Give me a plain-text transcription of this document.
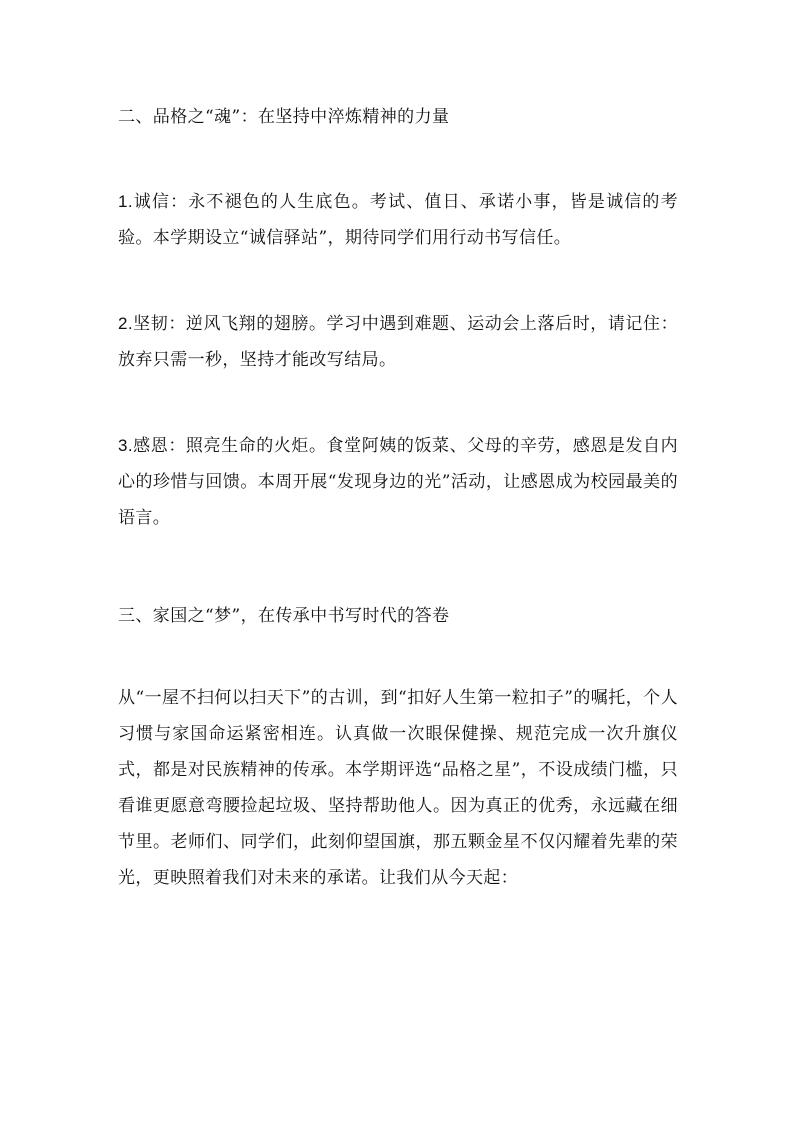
二、品格之“魂”：在坚持中淬炼精神的力量

1.诚信：永不褪色的人生底色。考试、值日、承诺小事，皆是诚信的考验。本学期设立“诚信驿站”，期待同学们用行动书写信任。

2.坚韧：逆风飞翔的翅膀。学习中遇到难题、运动会上落后时，请记住：放弃只需一秒，坚持才能改写结局。

3.感恩：照亮生命的火炬。食堂阿姨的饭菜、父母的辛劳，感恩是发自内心的珍惜与回馈。本周开展“发现身边的光”活动，让感恩成为校园最美的语言。

三、家国之“梦”，在传承中书写时代的答卷

从“一屋不扫何以扫天下”的古训，到“扣好人生第一粒扣子”的嘱托，个人习惯与家国命运紧密相连。认真做一次眼保健操、规范完成一次升旗仪式，都是对民族精神的传承。本学期评选“品格之星”，不设成绩门槛，只看谁更愿意弯腰捡起垃圾、坚持帮助他人。因为真正的优秀，永远藏在细节里。老师们、同学们，此刻仰望国旗，那五颗金星不仅闪耀着先辈的荣光，更映照着我们对未来的承诺。让我们从今天起：
